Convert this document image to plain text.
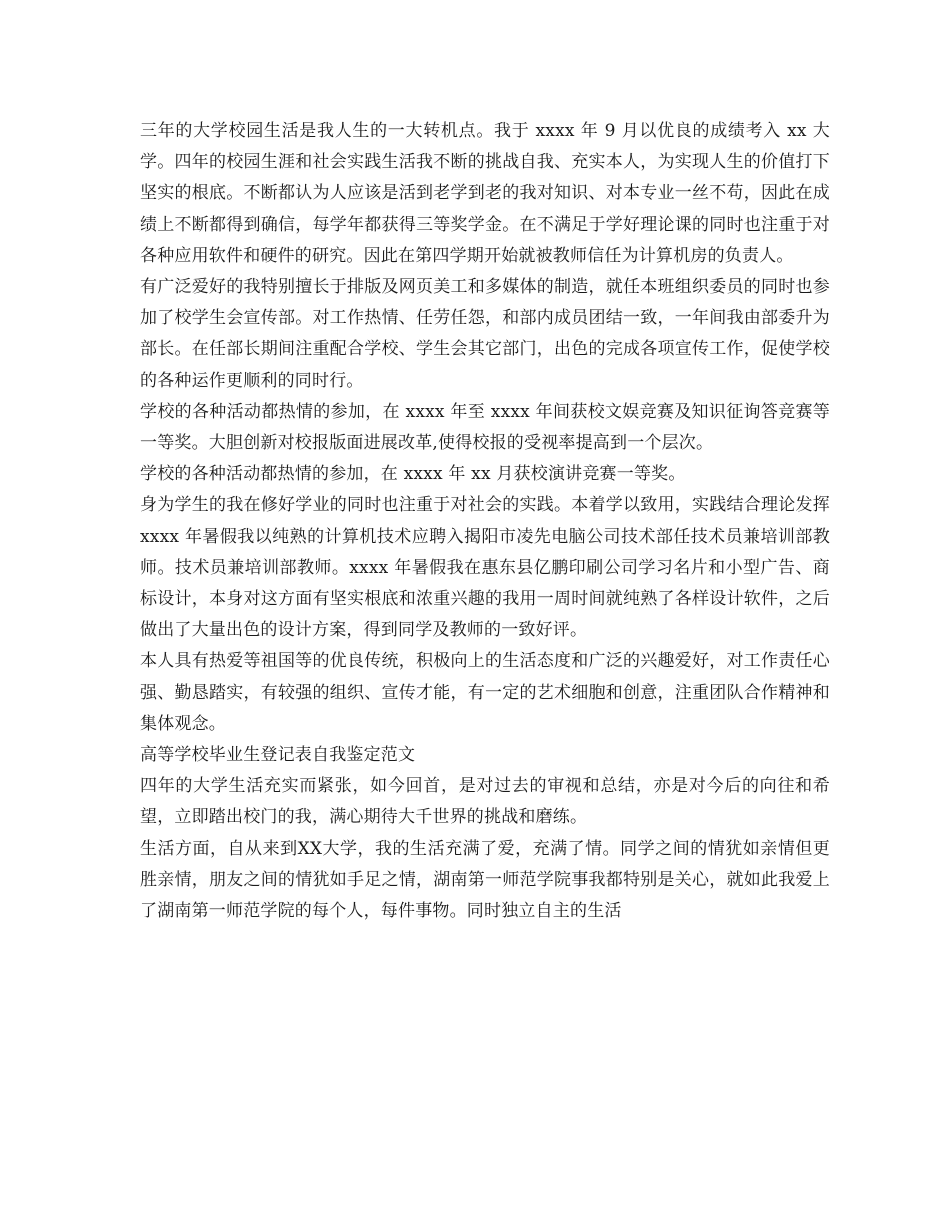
三年的大学校园生活是我人生的一大转机点。我于 xxxx 年 9 月以优良的成绩考入 xx 大学。四年的校园生涯和社会实践生活我不断的挑战自我、充实本人，为实现人生的价值打下坚实的根底。不断都认为人应该是活到老学到老的我对知识、对本专业一丝不苟，因此在成绩上不断都得到确信，每学年都获得三等奖学金。在不满足于学好理论课的同时也注重于对各种应用软件和硬件的研究。因此在第四学期开始就被教师信任为计算机房的负责人。

有广泛爱好的我特别擅长于排版及网页美工和多媒体的制造，就任本班组织委员的同时也参加了校学生会宣传部。对工作热情、任劳任怨，和部内成员团结一致，一年间我由部委升为部长。在任部长期间注重配合学校、学生会其它部门，出色的完成各项宣传工作，促使学校的各种运作更顺利的同时行。

学校的各种活动都热情的参加，在 xxxx 年至 xxxx 年间获校文娱竞赛及知识征询答竞赛等一等奖。大胆创新对校报版面进展改革,使得校报的受视率提高到一个层次。

学校的各种活动都热情的参加，在 xxxx 年 xx 月获校演讲竞赛一等奖。

身为学生的我在修好学业的同时也注重于对社会的实践。本着学以致用，实践结合理论发挥 xxxx 年暑假我以纯熟的计算机技术应聘入揭阳市凌先电脑公司技术部任技术员兼培训部教师。技术员兼培训部教师。xxxx 年暑假我在惠东县亿鹏印刷公司学习名片和小型广告、商标设计，本身对这方面有坚实根底和浓重兴趣的我用一周时间就纯熟了各样设计软件，之后做出了大量出色的设计方案，得到同学及教师的一致好评。

本人具有热爱等祖国等的优良传统，积极向上的生活态度和广泛的兴趣爱好，对工作责任心强、勤恳踏实，有较强的组织、宣传才能，有一定的艺术细胞和创意，注重团队合作精神和集体观念。

高等学校毕业生登记表自我鉴定范文

四年的大学生活充实而紧张，如今回首，是对过去的审视和总结，亦是对今后的向往和希望，立即踏出校门的我，满心期待大千世界的挑战和磨练。

生活方面，自从来到XX大学，我的生活充满了爱，充满了情。同学之间的情犹如亲情但更胜亲情，朋友之间的情犹如手足之情，湖南第一师范学院事我都特别是关心，就如此我爱上了湖南第一师范学院的每个人，每件事物。同时独立自主的生活
